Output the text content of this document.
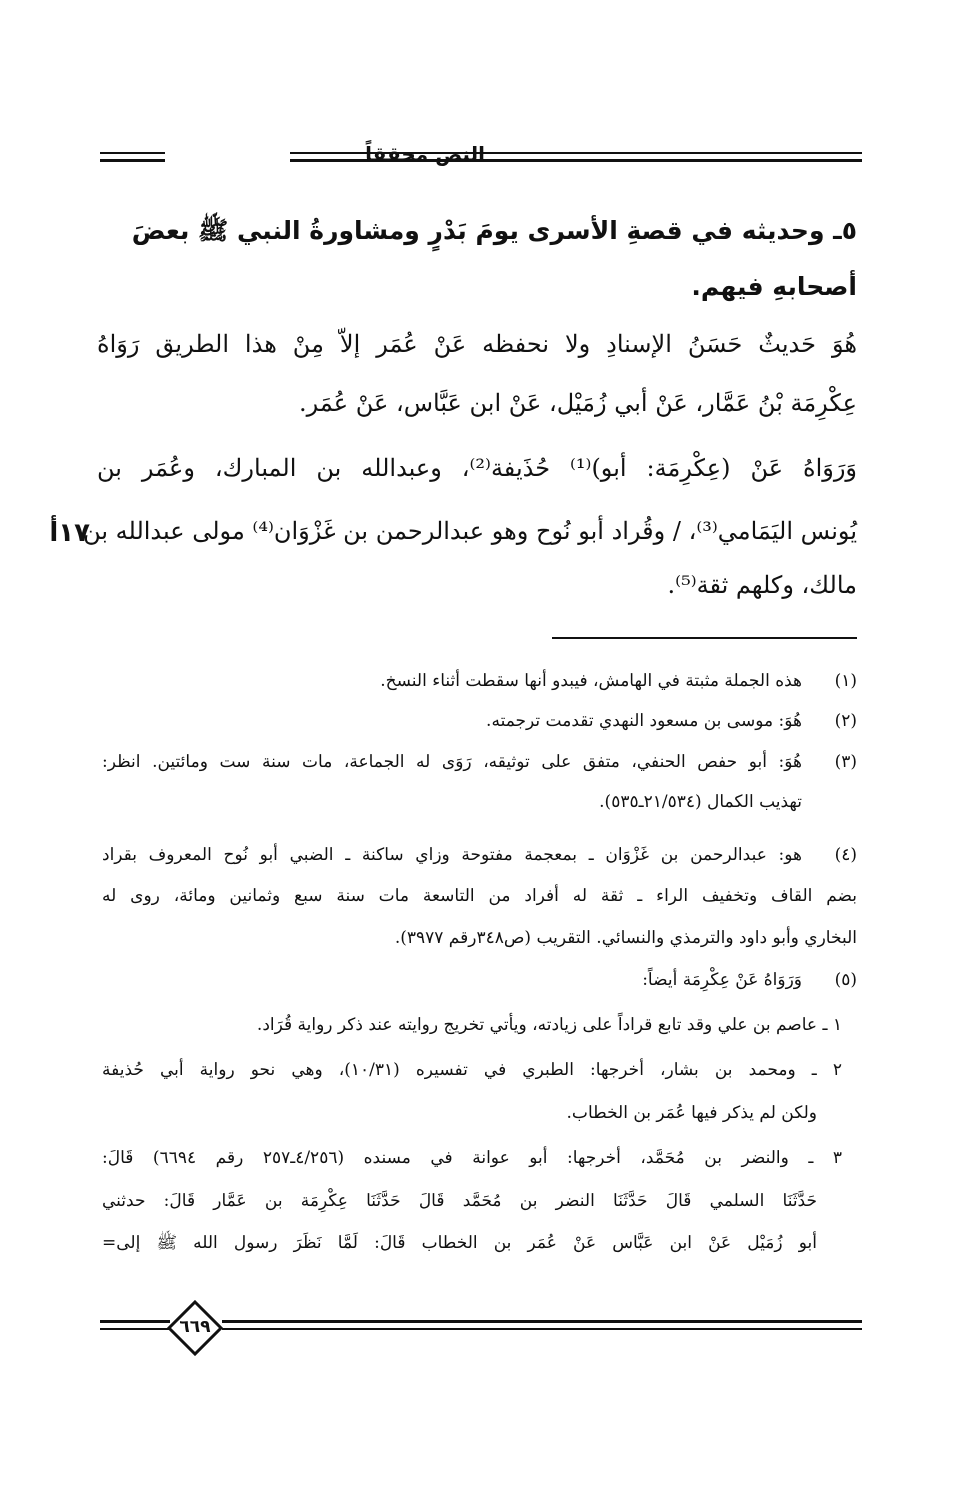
النص محققاً
٥ـ وحديثه في قصةِ الأسرى يومَ بَدْرٍ ومشاورةُ النبي ﷺ بعضَ
أصحابهِ فيهم.
هُوَ حَديثٌ حَسَنُ الإسنادِ ولا نحفظه عَنْ عُمَر إلاّ مِنْ هذا الطريق رَوَاهُ
عِكْرِمَة بْنُ عَمَّار، عَنْ أبي زُمَيْل، عَنْ ابن عَبَّاس، عَنْ عُمَر.
وَرَوَاهُ عَنْ (عِكْرِمَة: أبو)⁽¹⁾ حُذَيفة⁽²⁾، وعبدالله بن المبارك، وعُمَر بن
يُونس اليَمَامي⁽³⁾، / وقُراد أبو نُوح وهو عبدالرحمن بن غَزْوَان⁽⁴⁾ مولى عبدالله بن
مالك، وكلهم ثقة⁽⁵⁾.
١٧أ
(١)
هذه الجملة مثبتة في الهامش، فيبدو أنها سقطت أثناء النسخ.
(٢)
هُوَ: موسى بن مسعود النهدي تقدمت ترجمته.
(٣)
هُوَ: أبو حفص الحنفي، متفق على توثيقه، رَوَى له الجماعة، مات سنة ست ومائتين. انظر:
تهذيب الكمال (٢١/٥٣٤ـ٥٣٥).
(٤)
هو: عبدالرحمن بن غَزْوَان ـ بمعجمة مفتوحة وزاي ساكنة ـ الضبي أبو نُوح المعروف بقراد
بضم القاف وتخفيف الراء ـ ثقة له أفراد من التاسعة مات سنة سبع وثمانين ومائة، روى له
البخاري وأبو داود والترمذي والنسائي. التقريب (ص٣٤٨رقم ٣٩٧٧).
(٥)
وَرَوَاهُ عَنْ عِكْرِمَة أيضاً:
١ ـ عاصم بن علي وقد تابع قراداً على زيادته، ويأتي تخريج روايته عند ذكر رواية قُرَاد.
٢ ـ ومحمد بن بشار، أخرجها: الطبري في تفسيره (١٠/٣١)، وهي نحو رواية أبي حُذيفة
ولكن لم يذكر فيها عُمَر بن الخطاب.
٣ ـ والنضر بن مُحَمَّد، أخرجها: أبو عوانة في مسنده (٤/٢٥٦ـ٢٥٧ رقم ٦٦٩٤) قَالَ:
حَدَّثَنَا السلمي قَالَ حَدَّثَنَا النضر بن مُحَمَّد قَالَ حَدَّثَنَا عِكْرِمَة بن عَمَّار قَالَ: حدثني
أبو زُمَيْل عَنْ ابن عَبَّاس عَنْ عُمَر بن الخطاب قَالَ: لَمَّا نَظَرَ رسول الله ﷺ إلى=
٦٦٩
